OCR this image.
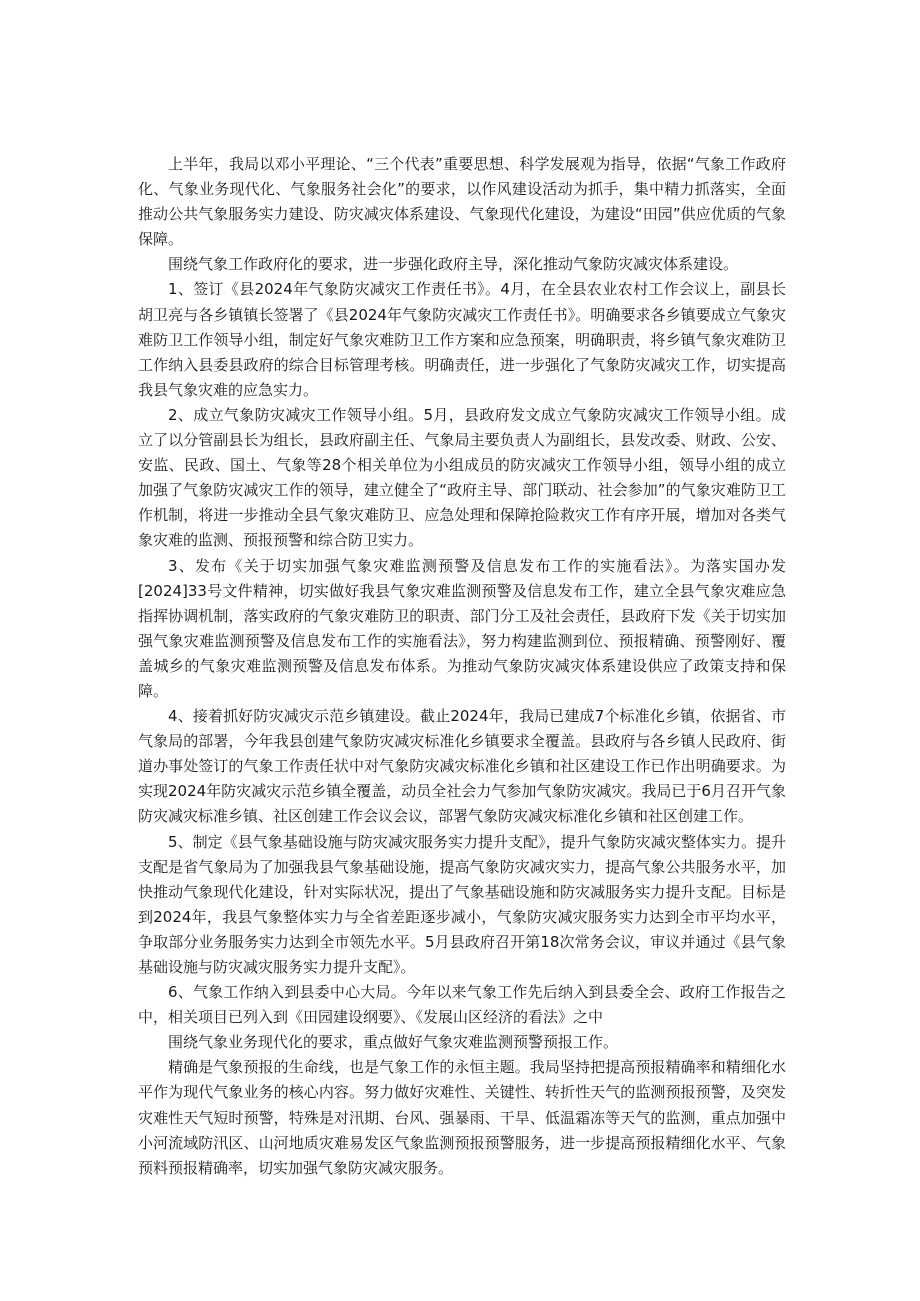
上半年，我局以邓小平理论、“三个代表”重要思想、科学发展观为指导，依据“气象工作政府化、气象业务现代化、气象服务社会化”的要求，以作风建设活动为抓手，集中精力抓落实，全面推动公共气象服务实力建设、防灾减灾体系建设、气象现代化建设，为建设“田园”供应优质的气象保障。

围绕气象工作政府化的要求，进一步强化政府主导，深化推动气象防灾减灾体系建设。

1、签订《县2024年气象防灾减灾工作责任书》。4月，在全县农业农村工作会议上，副县长胡卫亮与各乡镇镇长签署了《县2024年气象防灾减灾工作责任书》。明确要求各乡镇要成立气象灾难防卫工作领导小组，制定好气象灾难防卫工作方案和应急预案，明确职责，将乡镇气象灾难防卫工作纳入县委县政府的综合目标管理考核。明确责任，进一步强化了气象防灾减灾工作，切实提高我县气象灾难的应急实力。

2、成立气象防灾减灾工作领导小组。5月，县政府发文成立气象防灾减灾工作领导小组。成立了以分管副县长为组长，县政府副主任、气象局主要负责人为副组长，县发改委、财政、公安、安监、民政、国土、气象等28个相关单位为小组成员的防灾减灾工作领导小组，领导小组的成立加强了气象防灾减灾工作的领导，建立健全了“政府主导、部门联动、社会参加”的气象灾难防卫工作机制，将进一步推动全县气象灾难防卫、应急处理和保障抢险救灾工作有序开展，增加对各类气象灾难的监测、预报预警和综合防卫实力。

3、发布《关于切实加强气象灾难监测预警及信息发布工作的实施看法》。为落实国办发[2024]33号文件精神，切实做好我县气象灾难监测预警及信息发布工作，建立全县气象灾难应急指挥协调机制，落实政府的气象灾难防卫的职责、部门分工及社会责任，县政府下发《关于切实加强气象灾难监测预警及信息发布工作的实施看法》，努力构建监测到位、预报精确、预警刚好、覆盖城乡的气象灾难监测预警及信息发布体系。为推动气象防灾减灾体系建设供应了政策支持和保障。

4、接着抓好防灾减灾示范乡镇建设。截止2024年，我局已建成7个标准化乡镇，依据省、市气象局的部署，今年我县创建气象防灾减灾标准化乡镇要求全覆盖。县政府与各乡镇人民政府、街道办事处签订的气象工作责任状中对气象防灾减灾标准化乡镇和社区建设工作已作出明确要求。为实现2024年防灾减灾示范乡镇全覆盖，动员全社会力气参加气象防灾减灾。我局已于6月召开气象防灾减灾标准乡镇、社区创建工作会议会议，部署气象防灾减灾标准化乡镇和社区创建工作。

5、制定《县气象基础设施与防灾减灾服务实力提升支配》，提升气象防灾减灾整体实力。提升支配是省气象局为了加强我县气象基础设施，提高气象防灾减灾实力，提高气象公共服务水平，加快推动气象现代化建设，针对实际状况，提出了气象基础设施和防灾减服务实力提升支配。目标是到2024年，我县气象整体实力与全省差距逐步减小，气象防灾减灾服务实力达到全市平均水平，争取部分业务服务实力达到全市领先水平。5月县政府召开第18次常务会议，审议并通过《县气象基础设施与防灾减灾服务实力提升支配》。

6、气象工作纳入到县委中心大局。今年以来气象工作先后纳入到县委全会、政府工作报告之中，相关项目已列入到《田园建设纲要》、《发展山区经济的看法》之中

围绕气象业务现代化的要求，重点做好气象灾难监测预警预报工作。

精确是气象预报的生命线，也是气象工作的永恒主题。我局坚持把提高预报精确率和精细化水平作为现代气象业务的核心内容。努力做好灾难性、关键性、转折性天气的监测预报预警，及突发灾难性天气短时预警，特殊是对汛期、台风、强暴雨、干旱、低温霜冻等天气的监测，重点加强中小河流域防汛区、山河地质灾难易发区气象监测预报预警服务，进一步提高预报精细化水平、气象预料预报精确率，切实加强气象防灾减灾服务。
